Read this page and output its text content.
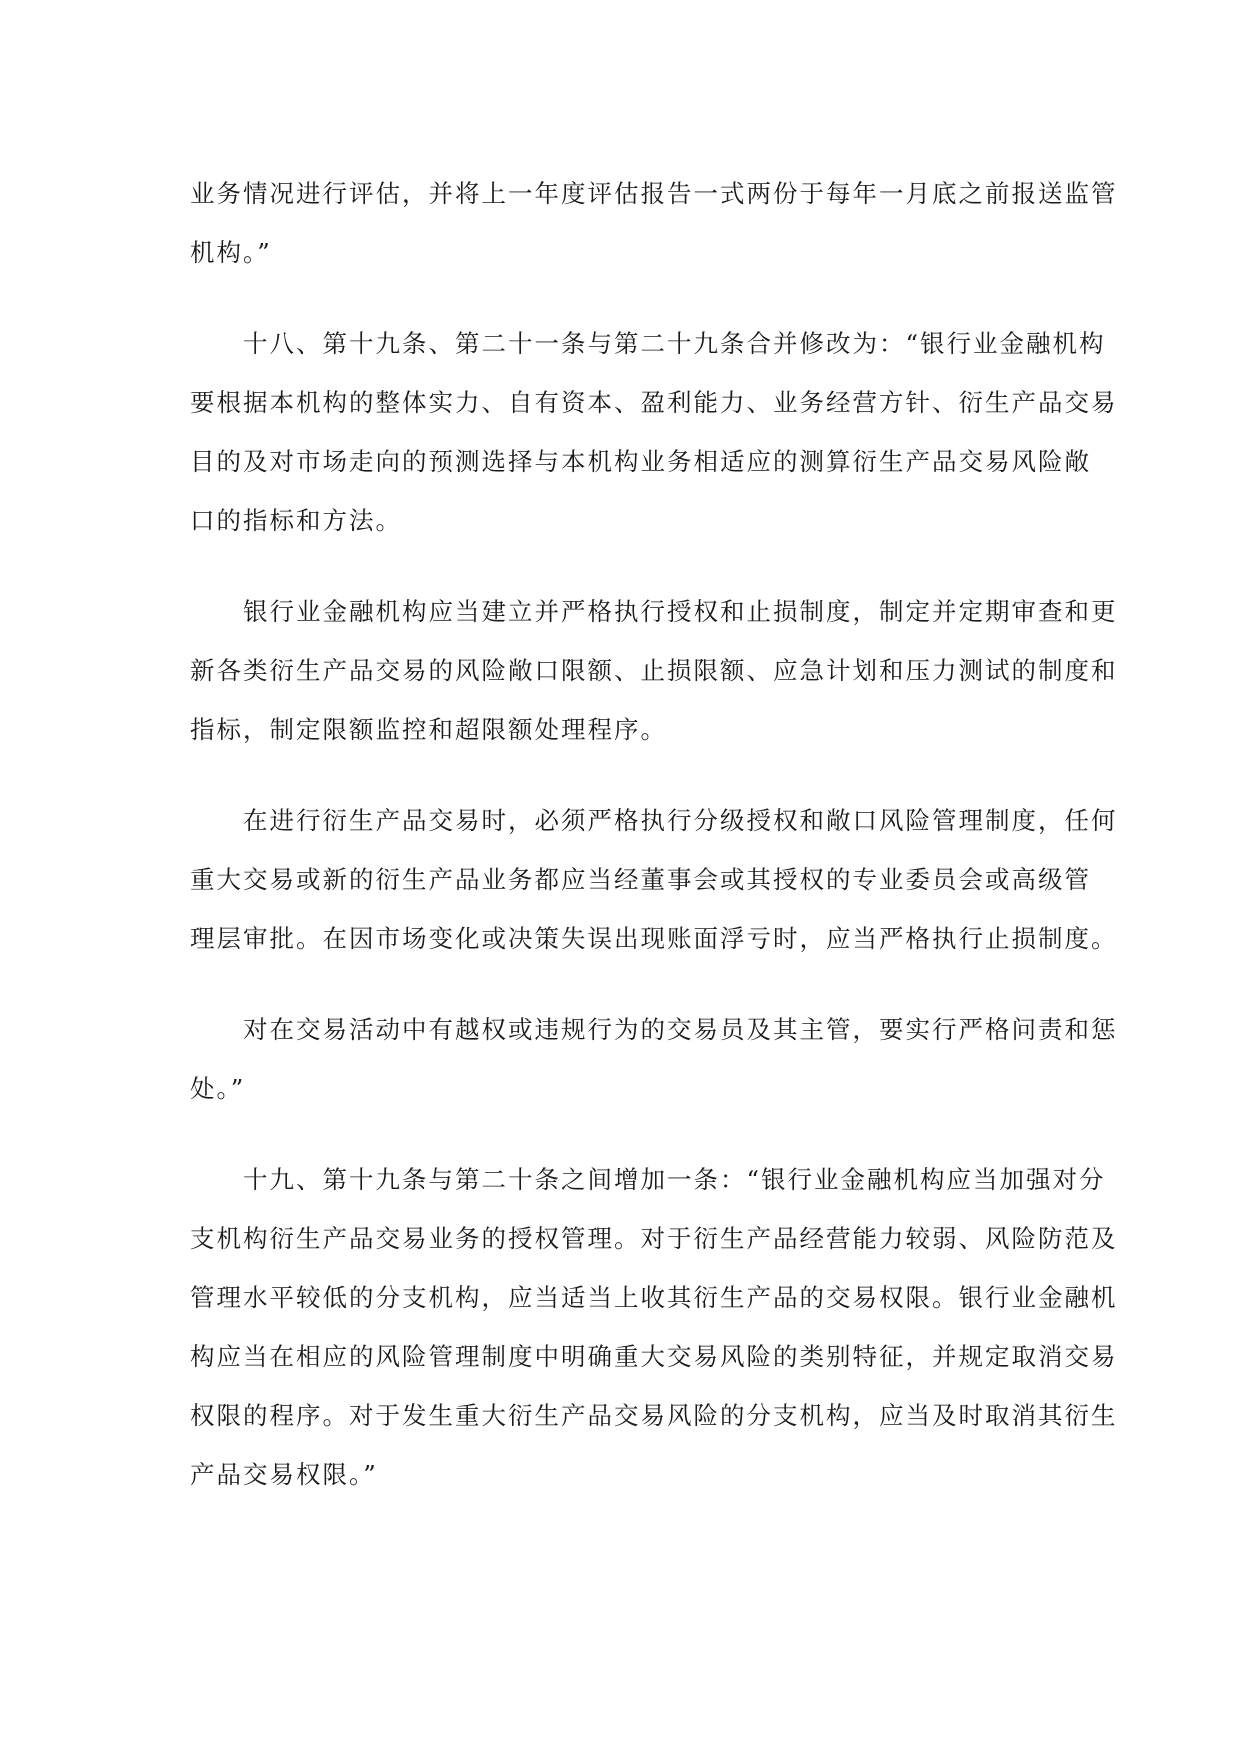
业务情况进行评估，并将上一年度评估报告一式两份于每年一月底之前报送监管
机构。”

十八、第十九条、第二十一条与第二十九条合并修改为：“银行业金融机构
要根据本机构的整体实力、自有资本、盈利能力、业务经营方针、衍生产品交易
目的及对市场走向的预测选择与本机构业务相适应的测算衍生产品交易风险敞
口的指标和方法。

银行业金融机构应当建立并严格执行授权和止损制度，制定并定期审查和更
新各类衍生产品交易的风险敞口限额、止损限额、应急计划和压力测试的制度和
指标，制定限额监控和超限额处理程序。

在进行衍生产品交易时，必须严格执行分级授权和敞口风险管理制度，任何
重大交易或新的衍生产品业务都应当经董事会或其授权的专业委员会或高级管
理层审批。在因市场变化或决策失误出现账面浮亏时，应当严格执行止损制度。

对在交易活动中有越权或违规行为的交易员及其主管，要实行严格问责和惩
处。”

十九、第十九条与第二十条之间增加一条：“银行业金融机构应当加强对分
支机构衍生产品交易业务的授权管理。对于衍生产品经营能力较弱、风险防范及
管理水平较低的分支机构，应当适当上收其衍生产品的交易权限。银行业金融机
构应当在相应的风险管理制度中明确重大交易风险的类别特征，并规定取消交易
权限的程序。对于发生重大衍生产品交易风险的分支机构，应当及时取消其衍生
产品交易权限。”
